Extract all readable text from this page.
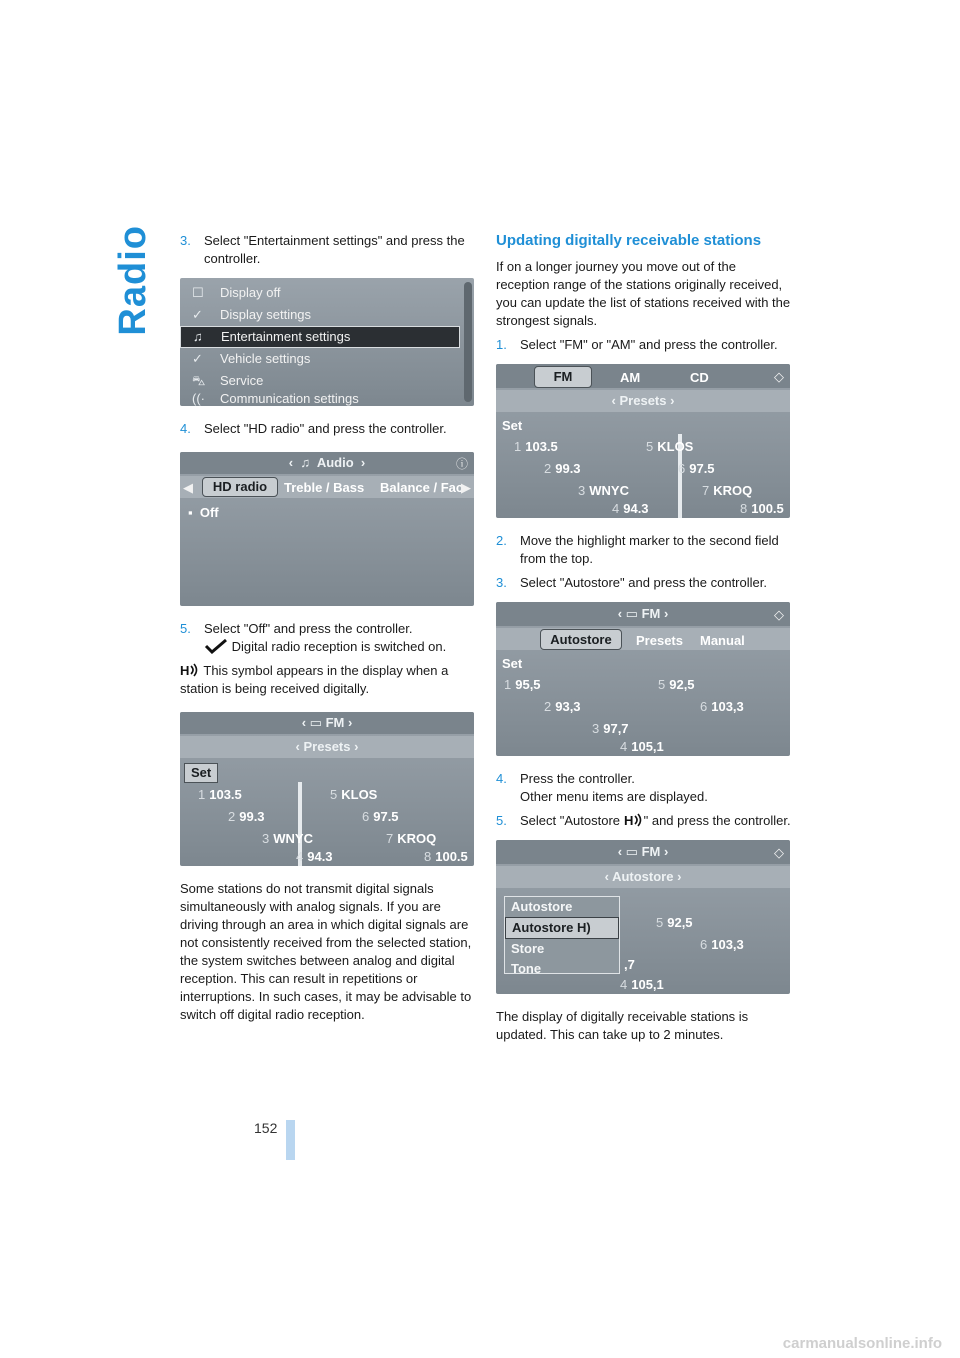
Radio 3.	Select "Entertainment settings" and press the controller.
☐	Display off
✓	Display settings
♫	Entertainment settings
✓	Vehicle settings
⛍	Service
((·	Communication settings
4.	Select "HD radio" and press the controller.
‹ ♫ Audio ›	ⓘ
◀	HD radio	Treble / Bass Balance / Fac
▶
▪ Off
5.	Select "Off" and press the controller.

Digital radio reception is switched on.

H This symbol appears in the display when a station is being received digitally.

‹ ▭ FM ›
‹ Presets ›
Set
1 103.5	5 KLOS
2 99.3	6 97.5
3 WNYC	7 KROQ
4 94.3	8 100.5

Some stations do not transmit digital signals simultaneously with analog signals. If you are driving through an area in which digital signals are not consistently received from the selected station, the system switches between analog and digital reception. This can result in repetitions or interruptions. In such cases, it may be advisable to switch off digital radio reception.

Updating digitally receivable stations

If on a longer journey you move out of the reception range of the stations originally received, you can update the list of stations received with the strongest signals.

1.	Select "FM" or "AM" and press the controller.
FM	AM	CD	◇
‹ Presets ›
Set
1 103.5	5 KLOS
2 99.3	6 97.5
3 WNYC	7 KROQ
4 94.3	8 100.5
2.	Move the highlight marker to the second field from the top.
3.	Select "Autostore" and press the controller.
‹ ▭ FM ›	◇
Autostore	Presets Manual
Set
1 95,5	5 92,5
2 93,3	6 103,3
3 97,7
4 105,1
4.	Press the controller.

Other menu items are displayed.

5.	Select "Autostore H " and press the controller.
‹ ▭ FM ›	◇
‹ Autostore ›
5 92,5
6 103,3
,7
4 105,1
Autostore
Autostore H)
Store
Tone

The display of digitally receivable stations is updated. This can take up to 2 minutes.

152
carmanualsonline.info
